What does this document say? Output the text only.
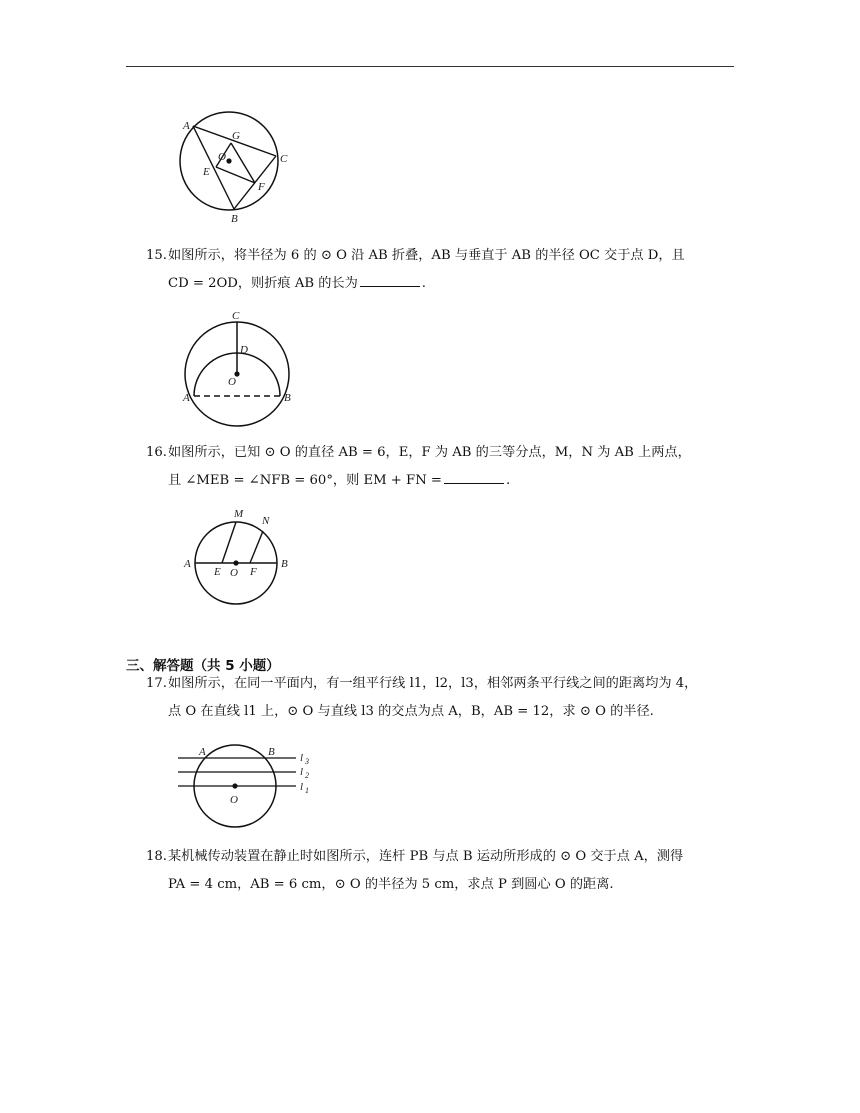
A
G
O	C
E
F
B
15.如图所示，将半径为 6 的 ⊙ O 沿 AB 折叠，AB 与垂直于 AB 的半径 OC 交于点 D，且
CD = 2OD，则折痕 AB 的长为	.
C
D
O
A	B
16.如图所示，已知 ⊙ O 的直径 AB = 6，E，F 为 AB 的三等分点，M，N 为 AB 上两点，
且 ∠MEB = ∠NFB = 60°，则 EM + FN =	.
M
N
A
E O F
B
三、解答题（共 5 小题）
17.如图所示，在同一平面内，有一组平行线 l1，l2，l3，相邻两条平行线之间的距离均为 4，
点 O 在直线 l1 上，⊙ O 与直线 l3 的交点为点 A，B，AB = 12，求 ⊙ O 的半径.
A	B
O
l 3
l 2
l 1
18.某机械传动装置在静止时如图所示，连杆 PB 与点 B 运动所形成的 ⊙ O 交于点 A，测得
PA = 4 cm，AB = 6 cm，⊙ O 的半径为 5 cm，求点 P 到圆心 O 的距离.
